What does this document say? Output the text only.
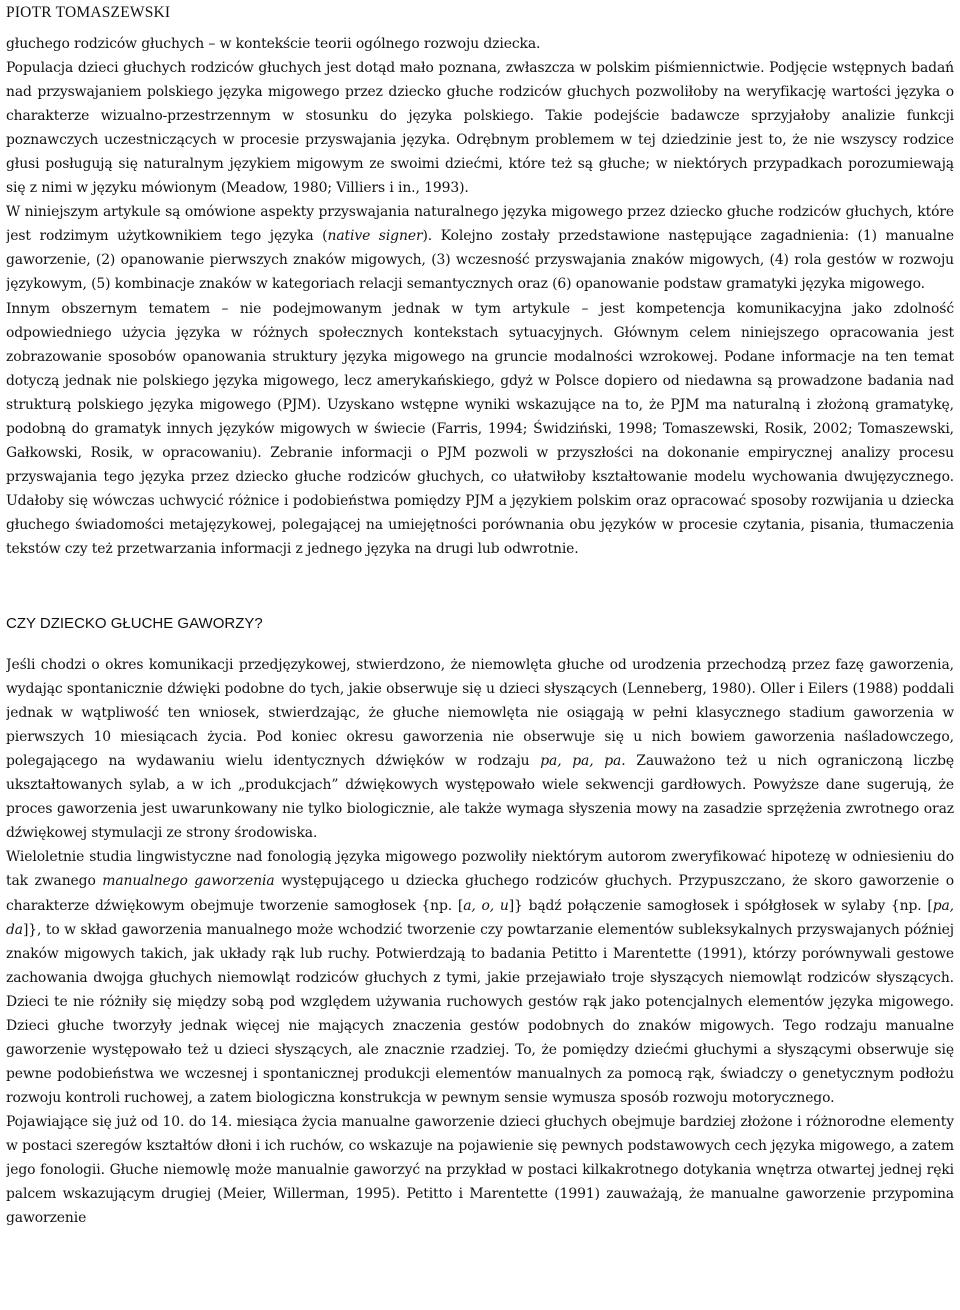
PIOTR TOMASZEWSKI

głuchego rodziców głuchych – w kontekście teorii ogólnego rozwoju dziecka.

Populacja dzieci głuchych rodziców głuchych jest dotąd mało poznana, zwłaszcza w polskim piśmiennictwie. Podjęcie wstępnych badań nad przyswajaniem polskiego języka migowego przez dziecko głuche rodziców głuchych pozwoliłoby na weryfikację wartości języka o charakterze wizualno-przestrzennym w stosunku do języka polskiego. Takie podejście badawcze sprzyjałoby analizie funkcji poznawczych uczestniczących w procesie przyswajania języka. Odrębnym problemem w tej dziedzinie jest to, że nie wszyscy rodzice głusi posługują się naturalnym językiem migowym ze swoimi dziećmi, które też są głuche; w niektórych przypadkach porozumiewają się z nimi w języku mówionym (Meadow, 1980; Villiers i in., 1993).

W niniejszym artykule są omówione aspekty przyswajania naturalnego języka migowego przez dziecko głuche rodziców głuchych, które jest rodzimym użytkownikiem tego języka (native signer). Kolejno zostały przedstawione następujące zagadnienia: (1) manualne gaworzenie, (2) opanowanie pierwszych znaków migowych, (3) wczesność przyswajania znaków migowych, (4) rola gestów w rozwoju językowym, (5) kombinacje znaków w kategoriach relacji semantycznych oraz (6) opanowanie podstaw gramatyki języka migowego.

Innym obszernym tematem – nie podejmowanym jednak w tym artykule – jest kompetencja komunikacyjna jako zdolność odpowiedniego użycia języka w różnych społecznych kontekstach sytuacyjnych. Głównym celem niniejszego opracowania jest zobrazowanie sposobów opanowania struktury języka migowego na gruncie modalności wzrokowej. Podane informacje na ten temat dotyczą jednak nie polskiego języka migowego, lecz amerykańskiego, gdyż w Polsce dopiero od niedawna są prowadzone badania nad strukturą polskiego języka migowego (PJM). Uzyskano wstępne wyniki wskazujące na to, że PJM ma naturalną i złożoną gramatykę, podobną do gramatyk innych języków migowych w świecie (Farris, 1994; Świdziński, 1998; Tomaszewski, Rosik, 2002; Tomaszewski, Gałkowski, Rosik, w opracowaniu). Zebranie informacji o PJM pozwoli w przyszłości na dokonanie empirycznej analizy procesu przyswajania tego języka przez dziecko głuche rodziców głuchych, co ułatwiłoby kształtowanie modelu wychowania dwujęzycznego. Udałoby się wówczas uchwycić różnice i podobieństwa pomiędzy PJM a językiem polskim oraz opracować sposoby rozwijania u dziecka głuchego świadomości metajęzykowej, polegającej na umiejętności porównania obu języków w procesie czytania, pisania, tłumaczenia tekstów czy też przetwarzania informacji z jednego języka na drugi lub odwrotnie.

CZY DZIECKO GŁUCHE GAWORZY?

Jeśli chodzi o okres komunikacji przedjęzykowej, stwierdzono, że niemowlęta głuche od urodzenia przechodzą przez fazę gaworzenia, wydając spontanicznie dźwięki podobne do tych, jakie obserwuje się u dzieci słyszących (Lenneberg, 1980). Oller i Eilers (1988) poddali jednak w wątpliwość ten wniosek, stwierdzając, że głuche niemowlęta nie osiągają w pełni klasycznego stadium gaworzenia w pierwszych 10 miesiącach życia. Pod koniec okresu gaworzenia nie obserwuje się u nich bowiem gaworzenia naśladowczego, polegającego na wydawaniu wielu identycznych dźwięków w rodzaju pa, pa, pa. Zauważono też u nich ograniczoną liczbę ukształtowanych sylab, a w ich „produkcjach” dźwiękowych występowało wiele sekwencji gardłowych. Powyższe dane sugerują, że proces gaworzenia jest uwarunkowany nie tylko biologicznie, ale także wymaga słyszenia mowy na zasadzie sprzężenia zwrotnego oraz dźwiękowej stymulacji ze strony środowiska.

Wieloletnie studia lingwistyczne nad fonologią języka migowego pozwoliły niektórym autorom zweryfikować hipotezę w odniesieniu do tak zwanego manualnego gaworzenia występującego u dziecka głuchego rodziców głuchych. Przypuszczano, że skoro gaworzenie o charakterze dźwiękowym obejmuje tworzenie samogłosek {np. [a, o, u]} bądź połączenie samogłosek i spółgłosek w sylaby {np. [pa, da]}, to w skład gaworzenia manualnego może wchodzić tworzenie czy powtarzanie elementów subleksykalnych przyswajanych później znaków migowych takich, jak układy rąk lub ruchy. Potwierdzają to badania Petitto i Marentette (1991), którzy porównywali gestowe zachowania dwojga głuchych niemowląt rodziców głuchych z tymi, jakie przejawiało troje słyszących niemowląt rodziców słyszących. Dzieci te nie różniły się między sobą pod względem używania ruchowych gestów rąk jako potencjalnych elementów języka migowego. Dzieci głuche tworzyły jednak więcej nie mających znaczenia gestów podobnych do znaków migowych. Tego rodzaju manualne gaworzenie występowało też u dzieci słyszących, ale znacznie rzadziej. To, że pomiędzy dziećmi głuchymi a słyszącymi obserwuje się pewne podobieństwa we wczesnej i spontanicznej produkcji elementów manualnych za pomocą rąk, świadczy o genetycznym podłożu rozwoju kontroli ruchowej, a zatem biologiczna konstrukcja w pewnym sensie wymusza sposób rozwoju motorycznego.

Pojawiające się już od 10. do 14. miesiąca życia manualne gaworzenie dzieci głuchych obejmuje bardziej złożone i różnorodne elementy w postaci szeregów kształtów dłoni i ich ruchów, co wskazuje na pojawienie się pewnych podstawowych cech języka migowego, a zatem jego fonologii. Głuche niemowlę może manualnie gaworzyć na przykład w postaci kilkakrotnego dotykania wnętrza otwartej jednej ręki palcem wskazującym drugiej (Meier, Willerman, 1995). Petitto i Marentette (1991) zauważają, że manualne gaworzenie przypomina gaworzenie
